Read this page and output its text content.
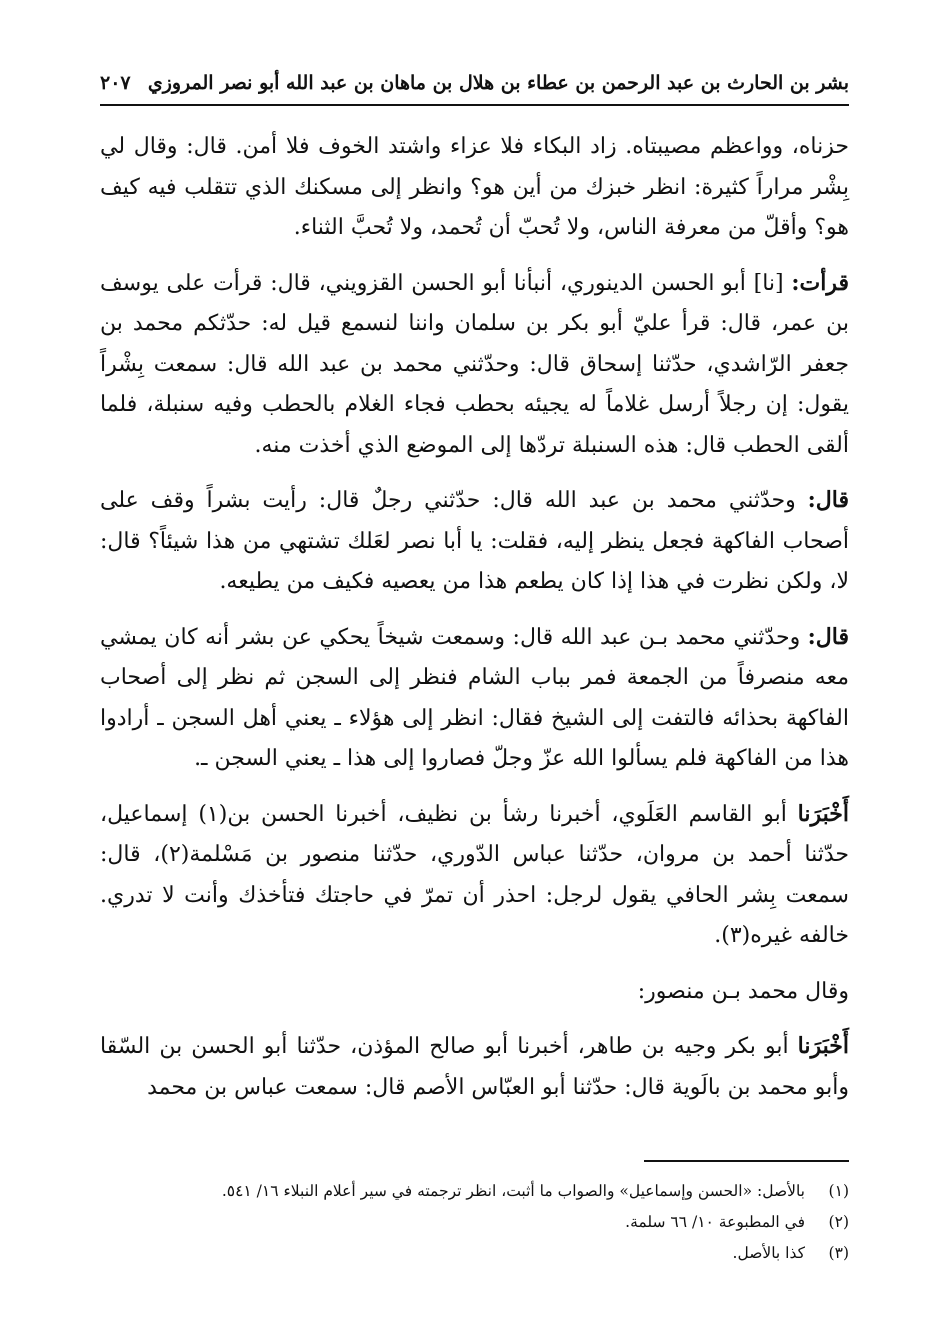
بشر بن الحارث بن عبد الرحمن بن عطاء بن هلال بن ماهان بن عبد الله أبو نصر المروزي
٢٠٧

حزناه، وواعظم مصيبتاه. زاد البكاء فلا عزاء واشتد الخوف فلا أمن. قال: وقال لي بِشْر مراراً كثيرة: انظر خبزك من أين هو؟ وانظر إلى مسكنك الذي تتقلب فيه كيف هو؟ وأقلّ من معرفة الناس، ولا تُحبّ أن تُحمد، ولا تُحبَّ الثناء.

قرأت: [نا] أبو الحسن الدينوري، أنبأنا أبو الحسن القزويني، قال: قرأت على يوسف بن عمر، قال: قرأ عليّ أبو بكر بن سلمان واننا لنسمع قيل له: حدّثكم محمد بن جعفر الرّاشدي، حدّثنا إسحاق قال: وحدّثني محمد بن عبد الله قال: سمعت بِشْراً يقول: إن رجلاً أرسل غلاماً له يجيئه بحطب فجاء الغلام بالحطب وفيه سنبلة، فلما ألقى الحطب قال: هذه السنبلة تردّها إلى الموضع الذي أخذت منه.

قال: وحدّثني محمد بن عبد الله قال: حدّثني رجلٌ قال: رأيت بشراً وقف على أصحاب الفاكهة فجعل ينظر إليه، فقلت: يا أبا نصر لعَلك تشتهي من هذا شيئاً؟ قال: لا، ولكن نظرت في هذا إذا كان يطعم هذا من يعصيه فكيف من يطيعه.

قال: وحدّثني محمد بـن عبد الله قال: وسمعت شيخاً يحكي عن بشر أنه كان يمشي معه منصرفاً من الجمعة فمر بباب الشام فنظر إلى السجن ثم نظر إلى أصحاب الفاكهة بحذائه فالتفت إلى الشيخ فقال: انظر إلى هؤلاء ـ يعني أهل السجن ـ أرادوا هذا من الفاكهة فلم يسألوا الله عزّ وجلّ فصاروا إلى هذا ـ يعني السجن ـ.

أَخْبَرَنا أبو القاسم العَلَوي، أخبرنا رشأ بن نظيف، أخبرنا الحسن بن(١) إسماعيل، حدّثنا أحمد بن مروان، حدّثنا عباس الدّوري، حدّثنا منصور بن مَسْلمة(٢)، قال: سمعت بِشر الحافي يقول لرجل: احذر أن تمرّ في حاجتك فتأخذك وأنت لا تدري. خالفه غيره(٣).

وقال محمد بـن منصور:

أَخْبَرَنا أبو بكر وجيه بن طاهر، أخبرنا أبو صالح المؤذن، حدّثنا أبو الحسن بن السّقا وأبو محمد بن بالَوية قال: حدّثنا أبو العبّاس الأصم قال: سمعت عباس بن محمد

(١)
بالأصل: «الحسن وإسماعيل» والصواب ما أثبت، انظر ترجمته في سير أعلام النبلاء ١٦/ ٥٤١.
(٢)
في المطبوعة ١٠/ ٦٦ سلمة.
(٣)
كذا بالأصل.
